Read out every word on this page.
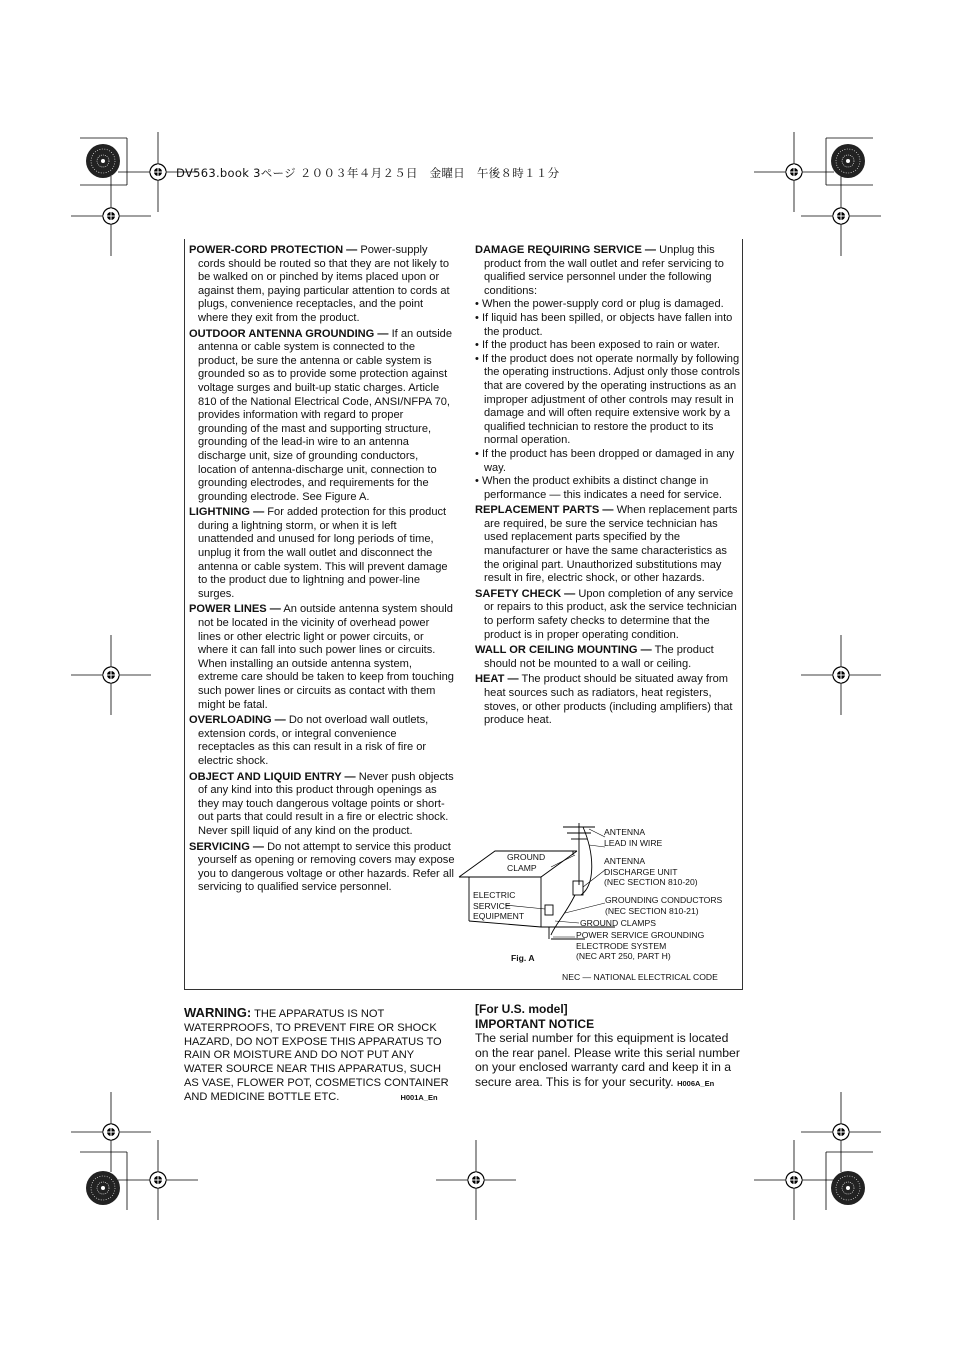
DV563.book 3ページ ２００３年４月２５日　金曜日　午後８時１１分

POWER-CORD PROTECTION — Power-supply cords should be routed so that they are not likely to be walked on or pinched by items placed upon or against them, paying particular attention to cords at plugs, convenience receptacles, and the point where they exit from the product.

OUTDOOR ANTENNA GROUNDING — If an outside antenna or cable system is connected to the product, be sure the antenna or cable system is grounded so as to provide some protection against voltage surges and built-up static charges. Article 810 of the National Electrical Code, ANSI/NFPA 70, provides information with regard to proper grounding of the mast and supporting structure, grounding of the lead-in wire to an antenna discharge unit, size of grounding conductors, location of antenna-discharge unit, connection to grounding electrodes, and requirements for the grounding electrode. See Figure A.

LIGHTNING — For added protection for this product during a lightning storm, or when it is left unattended and unused for long periods of time, unplug it from the wall outlet and disconnect the antenna or cable system. This will prevent damage to the product due to lightning and power-line surges.

POWER LINES — An outside antenna system should not be located in the vicinity of overhead power lines or other electric light or power circuits, or where it can fall into such power lines or circuits. When installing an outside antenna system, extreme care should be taken to keep from touching such power lines or circuits as contact with them might be fatal.

OVERLOADING — Do not overload wall outlets, extension cords, or integral convenience receptacles as this can result in a risk of fire or electric shock.

OBJECT AND LIQUID ENTRY — Never push objects of any kind into this product through openings as they may touch dangerous voltage points or short-out parts that could result in a fire or electric shock. Never spill liquid of any kind on the product.

SERVICING — Do not attempt to service this product yourself as opening or removing covers may expose you to dangerous voltage or other hazards. Refer all servicing to qualified service personnel.

DAMAGE REQUIRING SERVICE — Unplug this product from the wall outlet and refer servicing to qualified service personnel under the following conditions:

• When the power-supply cord or plug is damaged.

• If liquid has been spilled, or objects have fallen into the product.

• If the product has been exposed to rain or water.

• If the product does not operate normally by following the operating instructions. Adjust only those controls that are covered by the operating instructions as an improper adjustment of other controls may result in damage and will often require extensive work by a qualified technician to restore the product to its normal operation.

• If the product has been dropped or damaged in any way.

• When the product exhibits a distinct change in performance — this indicates a need for service.

REPLACEMENT PARTS — When replacement parts are required, be sure the service technician has used replacement parts specified by the manufacturer or have the same characteristics as the original part. Unauthorized substitutions may result in fire, electric shock, or other hazards.

SAFETY CHECK — Upon completion of any service or repairs to this product, ask the service technician to perform safety checks to determine that the product is in proper operating condition.

WALL OR CEILING MOUNTING — The product should not be mounted to a wall or ceiling.

HEAT — The product should be situated away from heat sources such as radiators, heat registers, stoves, or other products (including amplifiers) that produce heat.

ANTENNA
LEAD IN WIRE
GROUND
CLAMP
ANTENNA
DISCHARGE UNIT
(NEC SECTION 810-20)
ELECTRIC
SERVICE
EQUIPMENT
GROUNDING CONDUCTORS
(NEC SECTION 810-21)
GROUND CLAMPS
POWER SERVICE GROUNDING
ELECTRODE SYSTEM
(NEC ART 250, PART H)
Fig. A
NEC — NATIONAL ELECTRICAL CODE
WARNING: THE APPARATUS IS NOT WATERPROOFS, TO PREVENT FIRE OR SHOCK HAZARD, DO NOT EXPOSE THIS APPARATUS TO RAIN OR MOISTURE AND DO NOT PUT ANY WATER SOURCE NEAR THIS APPARATUS, SUCH AS VASE, FLOWER POT, COSMETICS CONTAINER AND MEDICINE BOTTLE ETC.	H001A_En
[For U.S. model]
IMPORTANT NOTICE
The serial number for this equipment is located on the rear panel. Please write this serial number on your enclosed warranty card and keep it in a secure area. This is for your security. H006A_En
